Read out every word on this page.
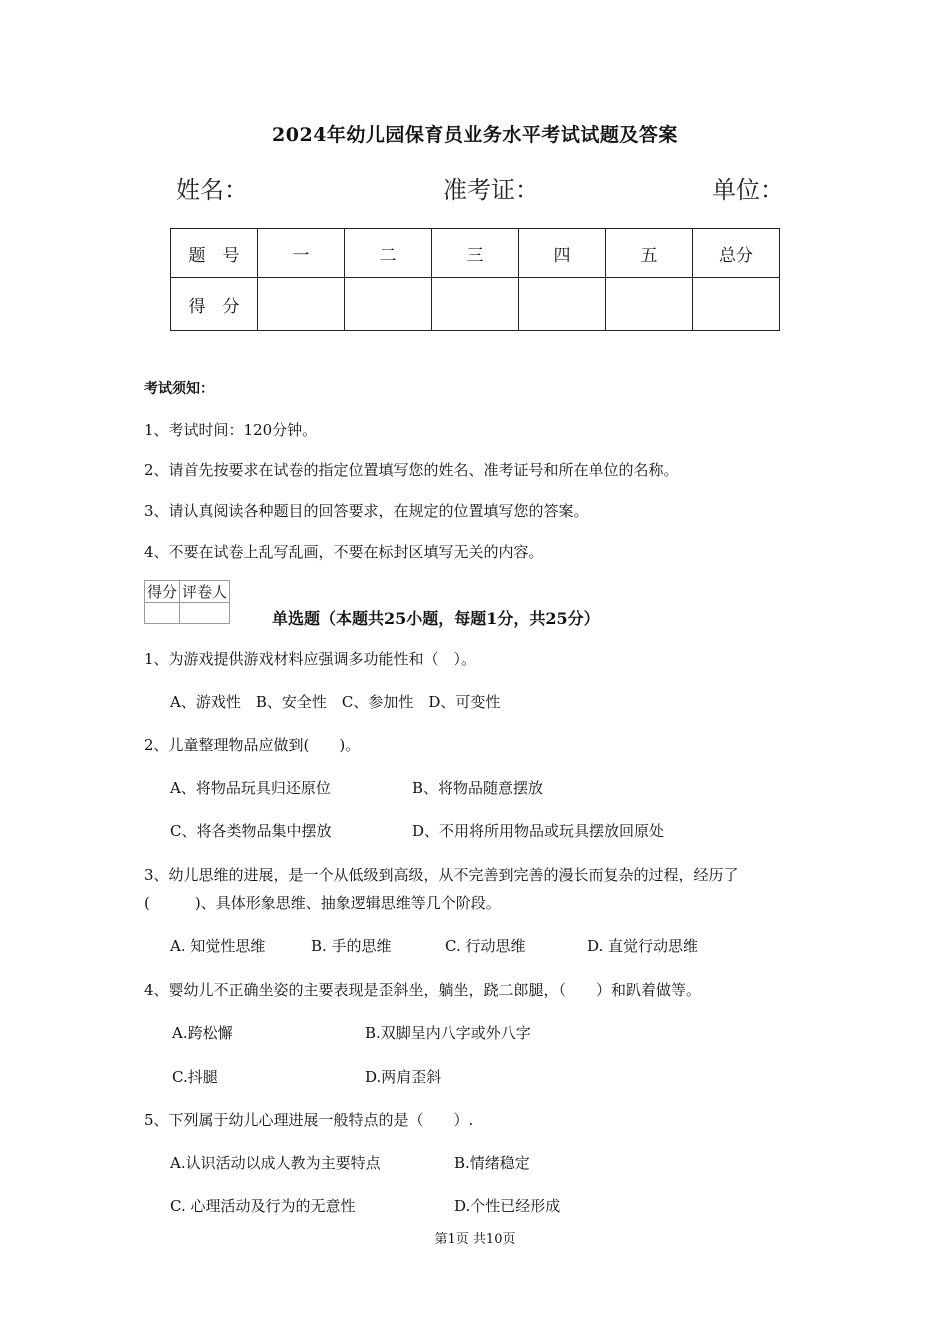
2024年幼儿园保育员业务水平考试试题及答案
姓名：	准考证：	单位：
题　号	一	二	三	四	五	总分
得　分						
考试须知：
1、考试时间：120分钟。
2、请首先按要求在试卷的指定位置填写您的姓名、准考证号和所在单位的名称。
3、请认真阅读各种题目的回答要求，在规定的位置填写您的答案。
4、不要在试卷上乱写乱画，不要在标封区填写无关的内容。
得分	评卷人

单选题（本题共25小题，每题1分，共25分）
1、为游戏提供游戏材料应强调多功能性和（　）。
A、游戏性　B、安全性　C、参加性　D、可变性
2、儿童整理物品应做到(　　)。
A、将物品玩具归还原位	B、将物品随意摆放
C、将各类物品集中摆放	D、不用将所用物品或玩具摆放回原处
3、幼儿思维的进展，是一个从低级到高级，从不完善到完善的漫长而复杂的过程，经历了
(　　　)、具体形象思维、抽象逻辑思维等几个阶段。
A. 知觉性思维	B. 手的思维	C. 行动思维	D. 直觉行动思维
4、婴幼儿不正确坐姿的主要表现是歪斜坐，躺坐，跷二郎腿，（　　）和趴着做等。
A.跨松懈	B.双脚呈内八字或外八字
C.抖腿	D.两肩歪斜
5、下列属于幼儿心理进展一般特点的是（　　）.
A.认识活动以成人教为主要特点	B.情绪稳定
C. 心理活动及行为的无意性	D.个性已经形成
第1页 共10页
